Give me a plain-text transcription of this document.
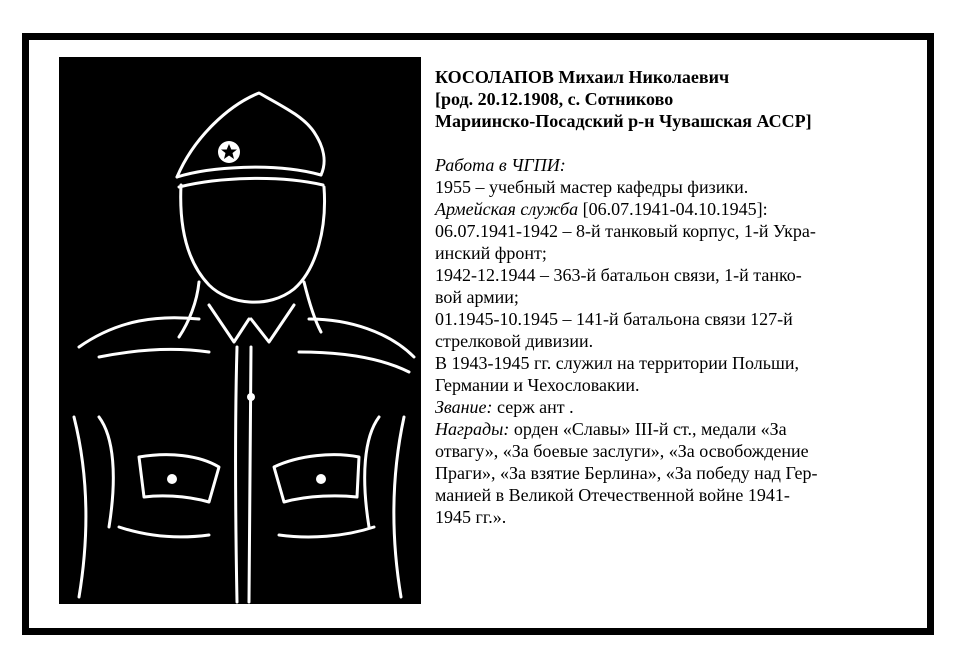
КОСОЛАПОВ Михаил Николаевич

[род. 20.12.1908, с. Сотниково

Мариинско-Посадский р-н Чувашская АССР]

Работа в ЧГПИ:

1955 – учебный мастер кафедры физики.

Армейская служба [06.07.1941-04.10.1945]:

06.07.1941-1942 – 8-й танковый корпус, 1-й Укра-

инский фронт;

1942-12.1944 – 363-й батальон связи, 1-й танко-

вой армии;

01.1945-10.1945 – 141-й батальона связи 127-й

стрелковой дивизии.

В 1943-1945 гг. служил на территории Польши,

Германии и Чехословакии.

Звание: серж ант .

Награды: орден «Славы» III-й ст., медали «За

отвагу», «За боевые заслуги», «За освобождение

Праги», «За взятие Берлина», «За победу над Гер-

манией в Великой Отечественной войне 1941-

1945 гг.».
